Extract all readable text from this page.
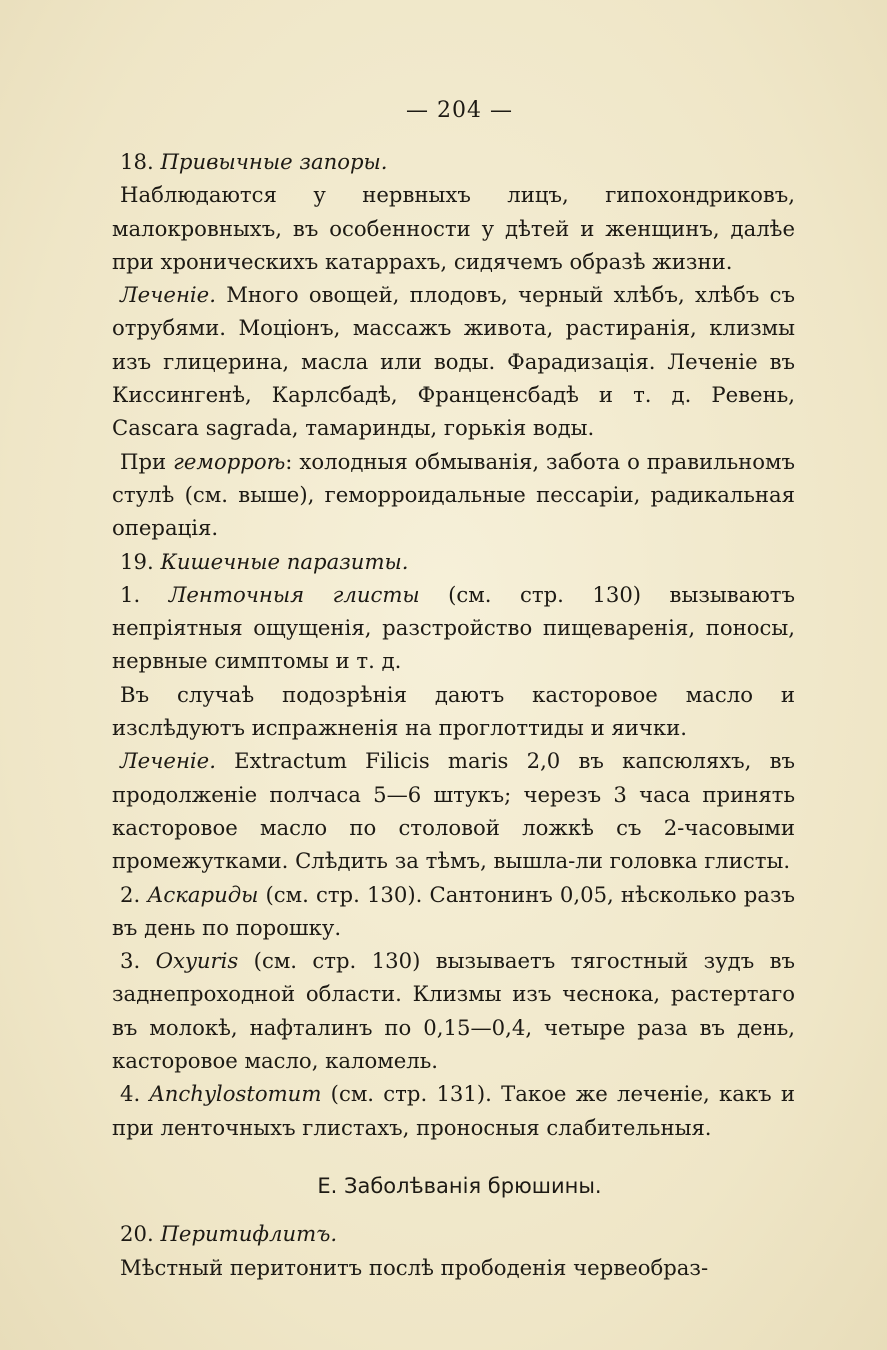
— 204 —

18. Привычные запоры.

Наблюдаются у нервныхъ лицъ, гипохондриковъ, малокровныхъ, въ особенности у дѣтей и женщинъ, далѣе при хроническихъ катаррахъ, сидячемъ образѣ жизни.

Леченіе. Много овощей, плодовъ, черный хлѣбъ, хлѣбъ съ отрубями. Моціонъ, массажъ живота, растиранія, клизмы изъ глицерина, масла или воды. Фарадизація. Леченіе въ Киссингенѣ, Карлсбадѣ, Франценсбадѣ и т. д. Ревень, Cascara sagrada, тамаринды, горькія воды.

При геморроѣ: холодныя обмыванія, забота о правильномъ стулѣ (см. выше), геморроидальные пессаріи, радикальная операція.

19. Кишечные паразиты.

1. Ленточныя глисты (см. стр. 130) вызываютъ непріятныя ощущенія, разстройство пищеваренія, поносы, нервные симптомы и т. д.

Въ случаѣ подозрѣнія даютъ касторовое масло и изслѣдуютъ испражненія на проглоттиды и яички.

Леченіе. Extractum Filicis maris 2,0 въ капсюляхъ, въ продолженіе полчаса 5—6 штукъ; черезъ 3 часа принять касторовое масло по столовой ложкѣ съ 2-часовыми промежутками. Слѣдить за тѣмъ, вышла-ли головка глисты.

2. Аскариды (см. стр. 130). Сантонинъ 0,05, нѣсколько разъ въ день по порошку.

3. Oxyuris (см. стр. 130) вызываетъ тягостный зудъ въ заднепроходной области. Клизмы изъ чеснока, растертаго въ молокѣ, нафталинъ по 0,15—0,4, четыре раза въ день, касторовое масло, каломель.

4. Anchylostomum (см. стр. 131). Такое же леченіе, какъ и при ленточныхъ глистахъ, проносныя слабительныя.

Е. Заболѣванія брюшины.

20. Перитифлитъ.

Мѣстный перитонитъ послѣ прободенія червеобраз-
